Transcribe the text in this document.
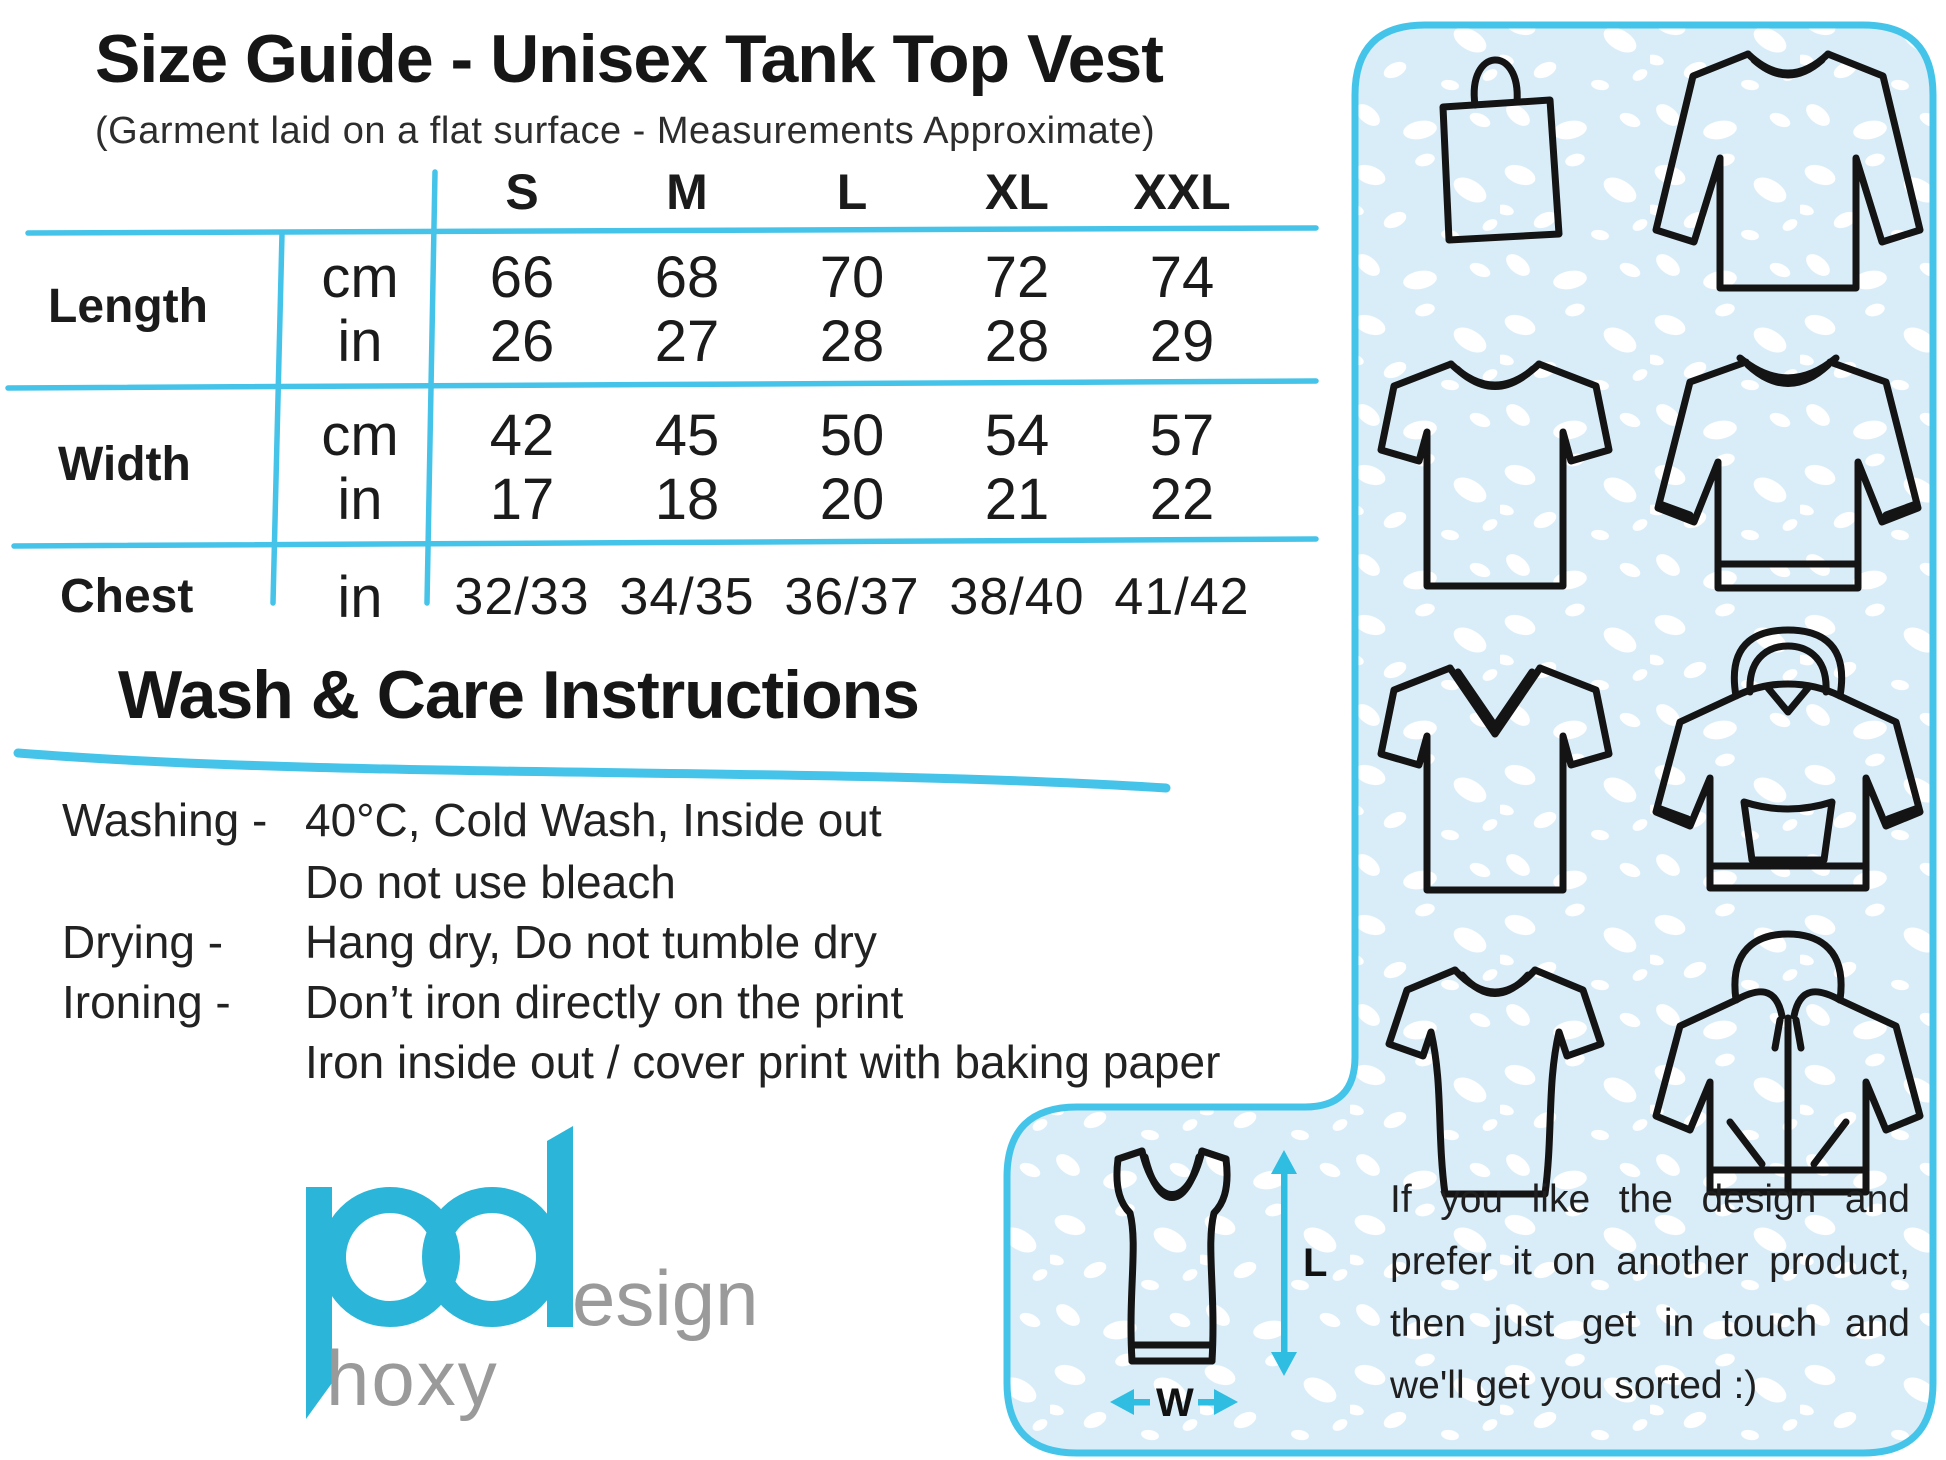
Size Guide - Unisex Tank Top Vest
(Garment laid on a flat surface - Measurements Approximate)
S	M	L XL XXL
Length cm
in
66 68 70 72 74
26 27 28 28 29
Width cm
in
42 45 50 54 57
17 18 20 21 22
Chest in 32/33 34/35 36/37 38/40 41/42
Wash & Care Instructions
Washing - 40°C, Cold Wash, Inside out
Do not use bleach
Drying - Hang dry, Do not tumble dry
Ironing - Don’t iron directly on the print
Iron inside out / cover print with baking paper
esign
hoxy
L
W
If you like the design and
prefer it on another product,
then just get in touch and
we'll get you sorted :)
